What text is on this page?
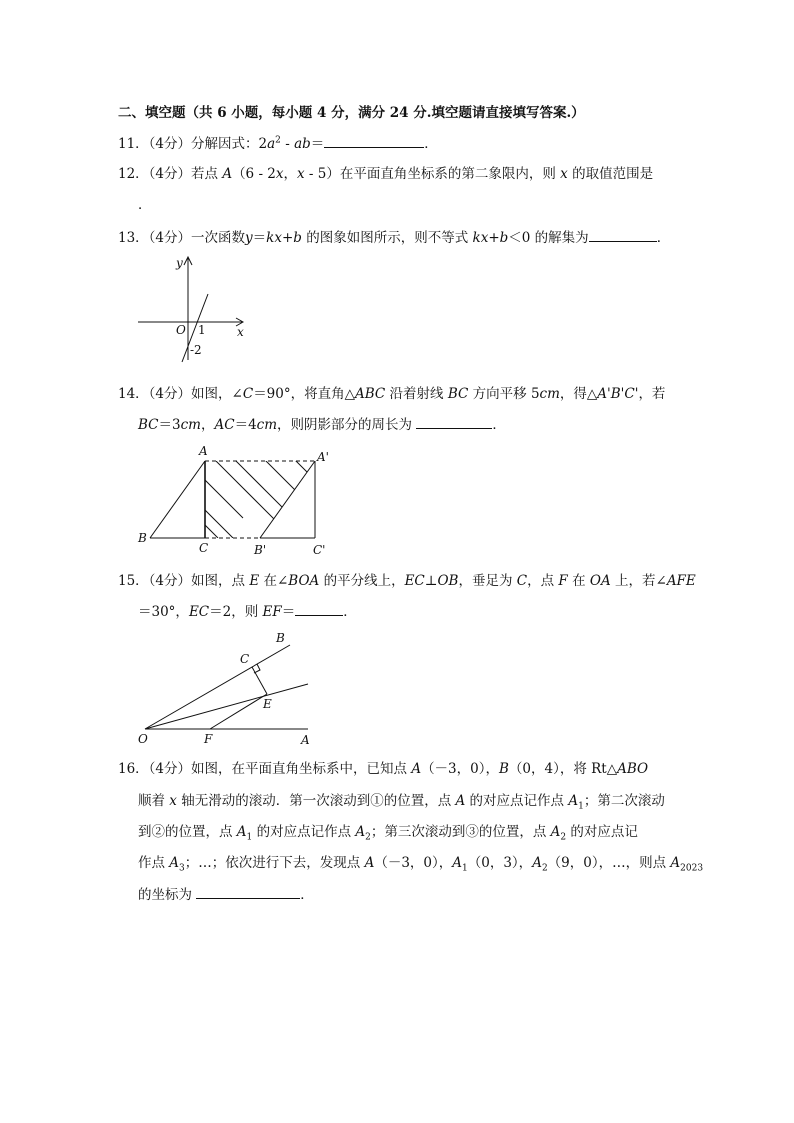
二、填空题（共 6 小题，每小题 4 分，满分 24 分.填空题请直接填写答案.）
11．（4分）分解因式：$2a^2 - ab=$	．
12．（4分）若点 A（6 - 2x，x - 5）在平面直角坐标系的第二象限内，则 x 的取值范围是
．
13．（4分）一次函数y＝kx+b 的图象如图所示，则不等式 kx+b＜0 的解集为	．
y
x
O 1
-2
14．（4分）如图，∠C＝90°，将直角△ABC 沿着射线 BC 方向平移 5cm，得△A'B'C'，若
BC＝3cm，AC＝4cm，则阴影部分的周长为	．
A	A'
B
C	B'	C'
15．（4分）如图，点 E 在∠BOA 的平分线上，EC⊥OB，垂足为 C，点 F 在 OA 上，若∠AFE
＝30°，EC＝2，则 EF＝	．
B
C
E
O	F	A
16．（4分）如图，在平面直角坐标系中，已知点 A（－3，0），B（0，4），将 Rt△ABO
顺着 x 轴无滑动的滚动．第一次滚动到①的位置，点 A 的对应点记作点 $A_1$；第二次滚动
到②的位置，点 $A_1$ 的对应点记作点 $A_2$；第三次滚动到③的位置，点 $A_2$ 的对应点记
作点 $A_3$；…；依次进行下去，发现点 A（－3，0），$A_1(0$，3），$A_2(9$，0），…，则点 $A_{2023}$
的坐标为	．
